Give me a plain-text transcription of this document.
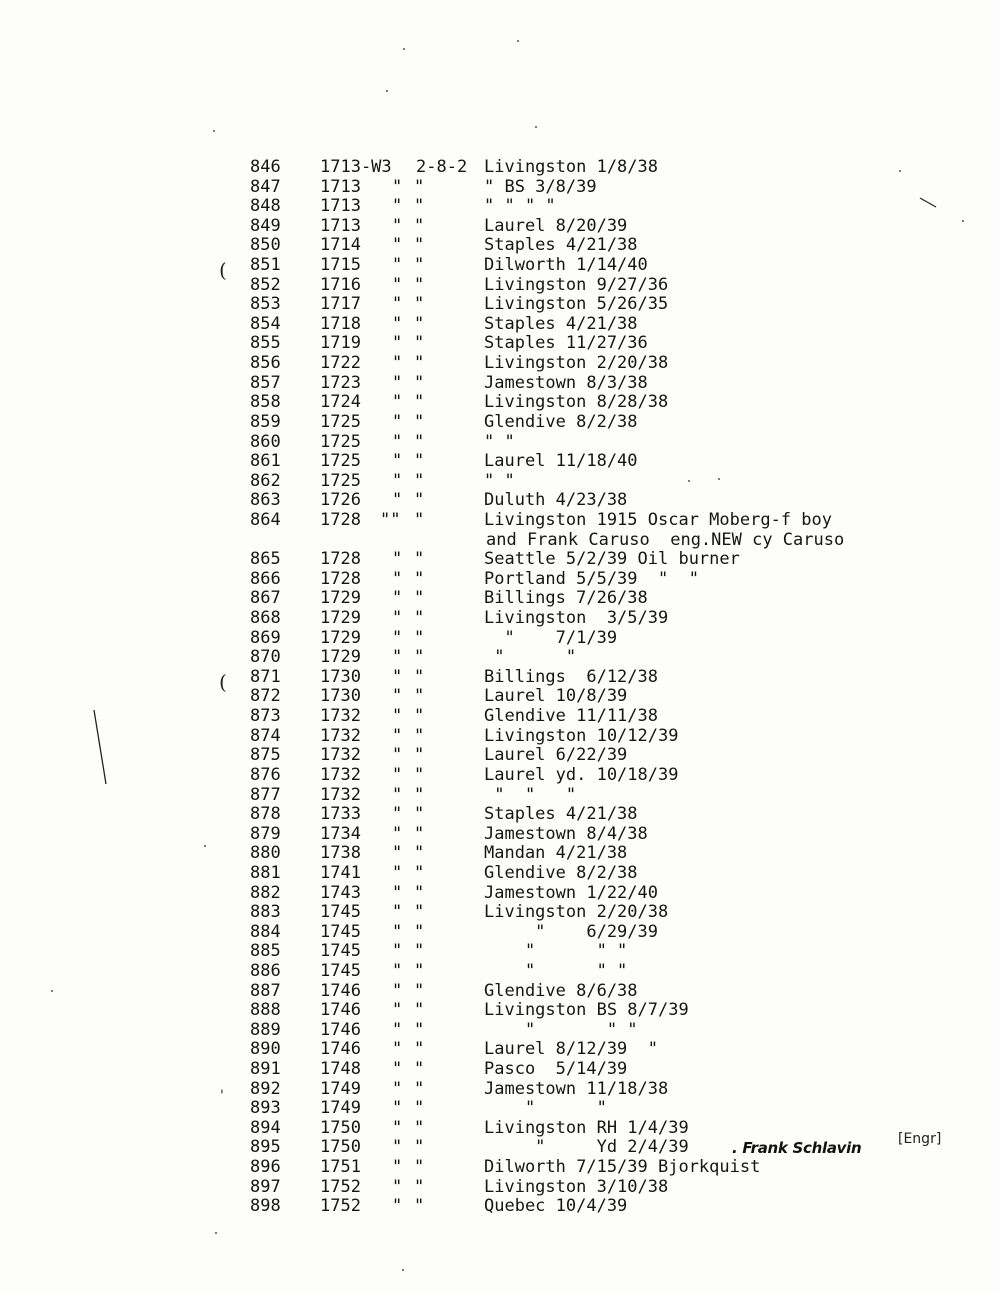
846 1713-W3 2-8-2 Livingston 1/8/38
847 1713 " "	" BS 3/8/39
848 1713 " "	" " " "
849 1713 " "	Laurel 8/20/39
850 1714 " "	Staples 4/21/38
851 1715 " "	Dilworth 1/14/40
852 1716 " "	Livingston 9/27/36
853 1717 " "	Livingston 5/26/35
854 1718 " "	Staples 4/21/38
855 1719 " "	Staples 11/27/36
856 1722 " "	Livingston 2/20/38
857 1723 " "	Jamestown 8/3/38
858 1724 " "	Livingston 8/28/38
859 1725 " "	Glendive 8/2/38
860 1725 " "	" "
861 1725 " "	Laurel 11/18/40
862 1725 " "	" "
863 1726 " "	Duluth 4/23/38
864 1728 "" "	Livingston 1915 Oscar Moberg-f boy
and Frank Caruso  eng.NEW cy Caruso
865 1728 " "	Seattle 5/2/39 Oil burner
866 1728 " "	Portland 5/5/39  "  "
867 1729 " "	Billings 7/26/38
868 1729 " "	Livingston  3/5/39
869 1729 " "	"    7/1/39
870 1729 " "	"      "
871 1730 " "	Billings  6/12/38
872 1730 " "	Laurel 10/8/39
873 1732 " "	Glendive 11/11/38
874 1732 " "	Livingston 10/12/39
875 1732 " "	Laurel 6/22/39
876 1732 " "	Laurel yd. 10/18/39
877 1732 " "	"  "   "
878 1733 " "	Staples 4/21/38
879 1734 " "	Jamestown 8/4/38
880 1738 " "	Mandan 4/21/38
881 1741 " "	Glendive 8/2/38
882 1743 " "	Jamestown 1/22/40
883 1745 " "	Livingston 2/20/38
884 1745 " "	"    6/29/39
885 1745 " "	"      " "
886 1745 " "	"      " "
887 1746 " "	Glendive 8/6/38
888 1746 " "	Livingston BS 8/7/39
889 1746 " "	"       " "
890 1746 " "	Laurel 8/12/39  "
891 1748 " "	Pasco  5/14/39
892 1749 " "	Jamestown 11/18/38
893 1749 " "	"      "
894 1750 " "	Livingston RH 1/4/39
895 1750 " "	"     Yd 2/4/39
896 1751 " "	Dilworth 7/15/39 Bjorkquist
897 1752 " "	Livingston 3/10/38
898 1752 " "	Quebec 10/4/39
. Frank Schlavin	[Engr]
(
(
'
